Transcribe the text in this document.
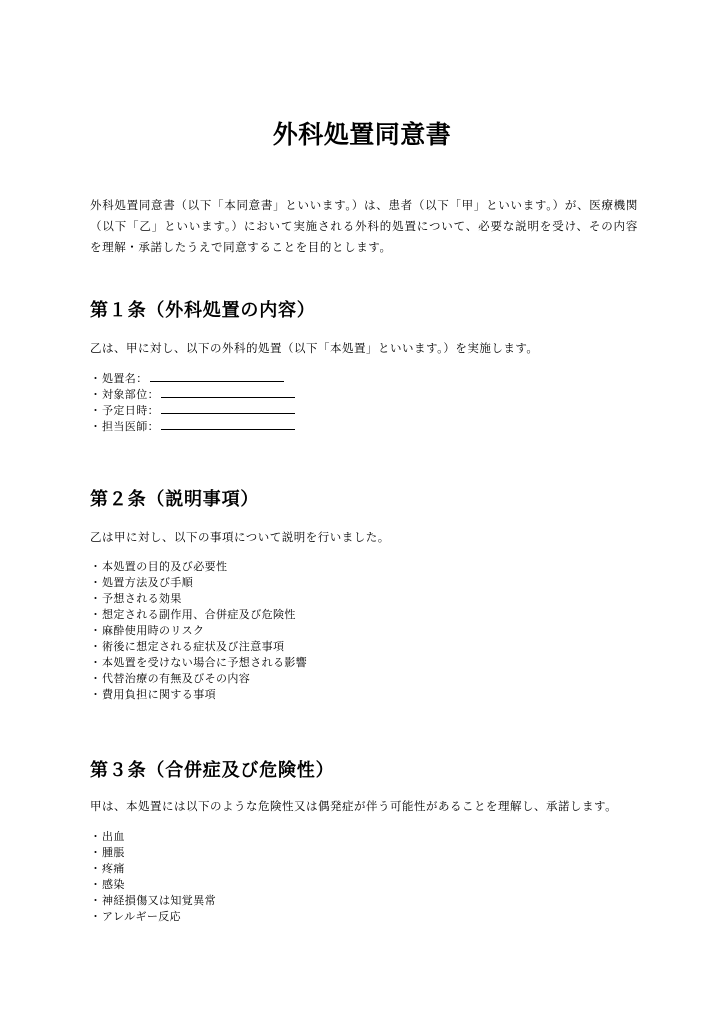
外科処置同意書

外科処置同意書（以下「本同意書」といいます。）は、患者（以下「甲」といいます。）が、医療機関（以下「乙」といいます。）において実施される外科的処置について、必要な説明を受け、その内容を理解・承諾したうえで同意することを目的とします。

第１条（外科処置の内容）

乙は、甲に対し、以下の外科的処置（以下「本処置」といいます。）を実施します。

・処置名：
・対象部位：
・予定日時：
・担当医師：
第２条（説明事項）

乙は甲に対し、以下の事項について説明を行いました。

・本処置の目的及び必要性
・処置方法及び手順
・予想される効果
・想定される副作用、合併症及び危険性
・麻酔使用時のリスク
・術後に想定される症状及び注意事項
・本処置を受けない場合に予想される影響
・代替治療の有無及びその内容
・費用負担に関する事項
第３条（合併症及び危険性）

甲は、本処置には以下のような危険性又は偶発症が伴う可能性があることを理解し、承諾します。

・出血
・腫脹
・疼痛
・感染
・神経損傷又は知覚異常
・アレルギー反応
